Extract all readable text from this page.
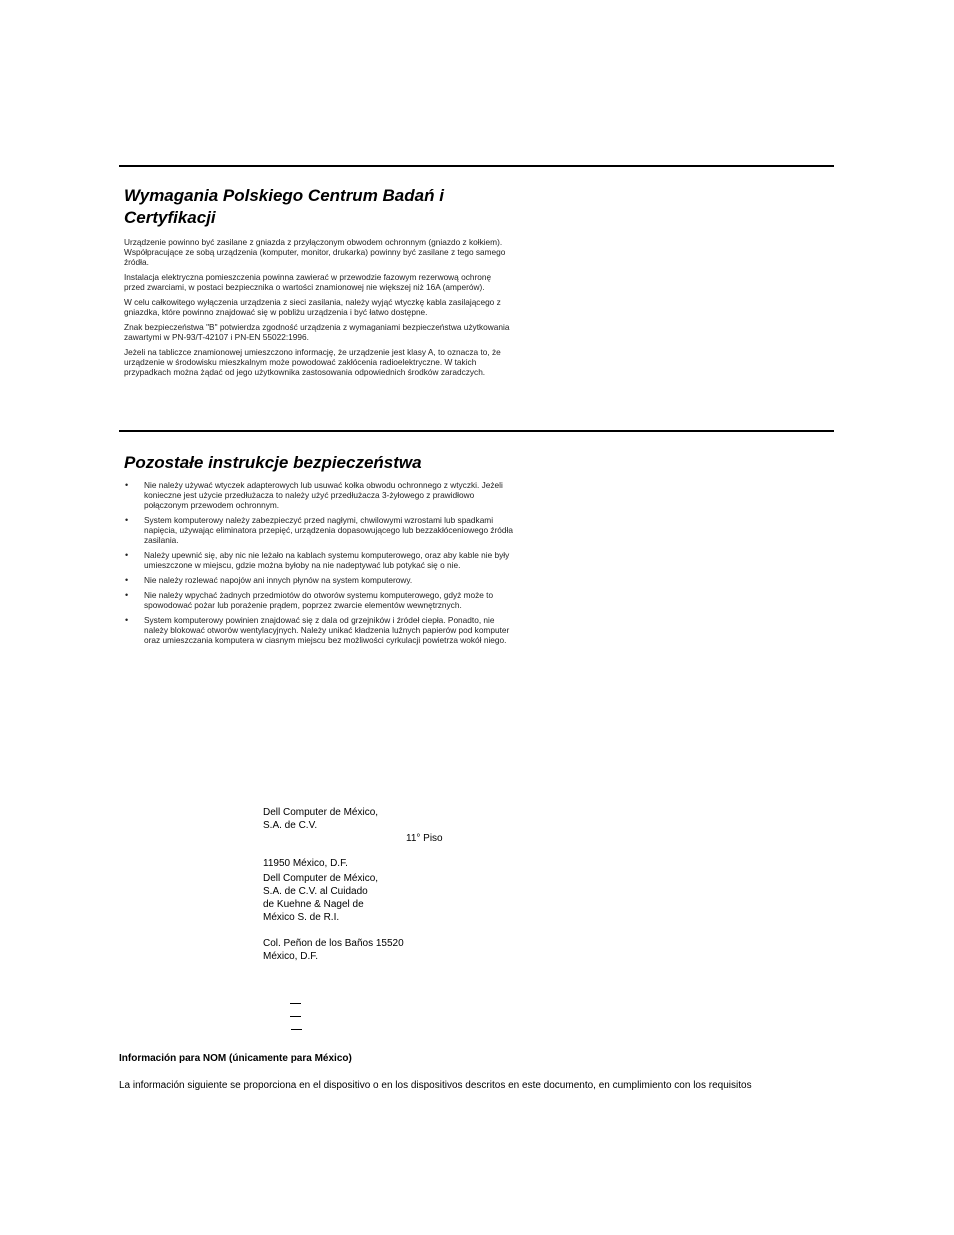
Wymagania Polskiego Centrum Badań i
Certyfikacji

Urządzenie powinno być zasilane z gniazda z przyłączonym obwodem ochronnym (gniazdo z kołkiem). Współpracujące ze sobą urządzenia (komputer, monitor, drukarka) powinny być zasilane z tego samego źródła.

Instalacja elektryczna pomieszczenia powinna zawierać w przewodzie fazowym rezerwową ochronę przed zwarciami, w postaci bezpiecznika o wartości znamionowej nie większej niż 16A (amperów).

W celu całkowitego wyłączenia urządzenia z sieci zasilania, należy wyjąć wtyczkę kabla zasilającego z gniazdka, które powinno znajdować się w pobliżu urządzenia i być łatwo dostępne.

Znak bezpieczeństwa "B" potwierdza zgodność urządzenia z wymaganiami bezpieczeństwa użytkowania zawartymi w PN-93/T-42107 i PN-EN 55022:1996.

Jeżeli na tabliczce znamionowej umieszczono informację, że urządzenie jest klasy A, to oznacza to, że urządzenie w środowisku mieszkalnym może powodować zakłócenia radioelektryczne. W takich przypadkach można żądać od jego użytkownika zastosowania odpowiednich środków zaradczych.

Pozostałe instrukcje bezpieczeństwa
• Nie należy używać wtyczek adapterowych lub usuwać kołka obwodu ochronnego z wtyczki. Jeżeli konieczne jest użycie przedłużacza to należy użyć przedłużacza 3-żyłowego z prawidłowo połączonym przewodem ochronnym.
• System komputerowy należy zabezpieczyć przed nagłymi, chwilowymi wzrostami lub spadkami napięcia, używając eliminatora przepięć, urządzenia dopasowującego lub bezzakłóceniowego źródła zasilania.
• Należy upewnić się, aby nic nie leżało na kablach systemu komputerowego, oraz aby kable nie były umieszczone w miejscu, gdzie można byłoby na nie nadeptywać lub potykać się o nie.
• Nie należy rozlewać napojów ani innych płynów na system komputerowy.
• Nie należy wpychać żadnych przedmiotów do otworów systemu komputerowego, gdyż może to spowodować pożar lub porażenie prądem, poprzez zwarcie elementów wewnętrznych.
• System komputerowy powinien znajdować się z dala od grzejników i źródeł ciepła. Ponadto, nie należy blokować otworów wentylacyjnych. Należy unikać kładzenia luźnych papierów pod komputer oraz umieszczania komputera w ciasnym miejscu bez możliwości cyrkulacji powietrza wokół niego.
Dell Computer de México,
S.A. de C.V.
11° Piso
11950 México, D.F.
Dell Computer de México,
S.A. de C.V. al Cuidado
de Kuehne & Nagel de
México S. de R.I.
Col. Peñon de los Baños 15520
México, D.F.
Información para NOM (únicamente para México)
La información siguiente se proporciona en el dispositivo o en los dispositivos descritos en este documento, en cumplimiento con los requisitos
